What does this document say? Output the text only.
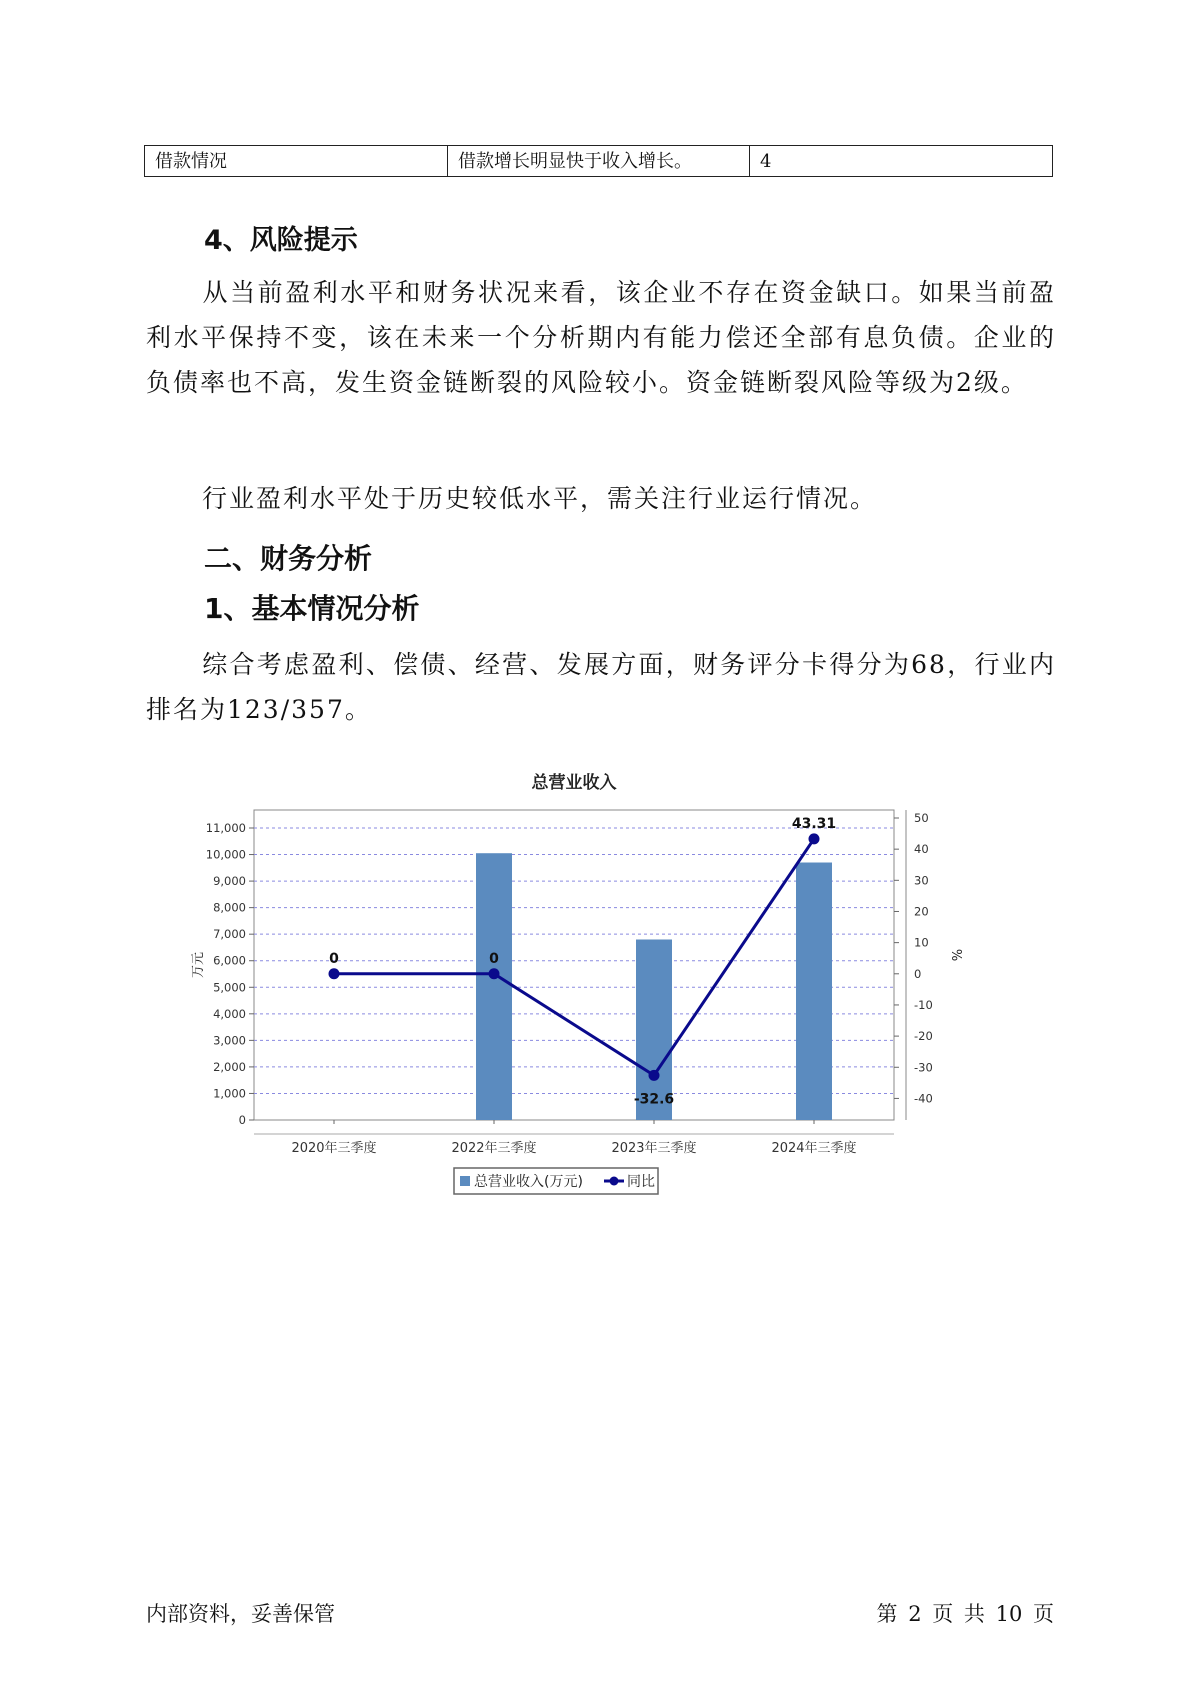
借款情况	借款增长明显快于收入增长。	4
4、风险提示
从当前盈利水平和财务状况来看，该企业不存在资金缺口。如果当前盈利水平保持不变，该在未来一个分析期内有能力偿还全部有息负债。企业的负债率也不高，发生资金链断裂的风险较小。资金链断裂风险等级为2级。
行业盈利水平处于历史较低水平，需关注行业运行情况。
二、财务分析
1、基本情况分析
综合考虑盈利、偿债、经营、发展方面，财务评分卡得分为68，行业内排名为123/357。
总营业收入
0
1,000
2,000
3,000
4,000
5,000
6,000
7,000
8,000
9,000
10,000
11,000
-40
-30
-20
-10
0
10
20
30
40
50
万元	%
2020年三季度	2022年三季度	2023年三季度	2024年三季度
0	0
-32.6
43.31
总营业收入(万元)	同比
内部资料，妥善保管	第 2 页 共 10 页
